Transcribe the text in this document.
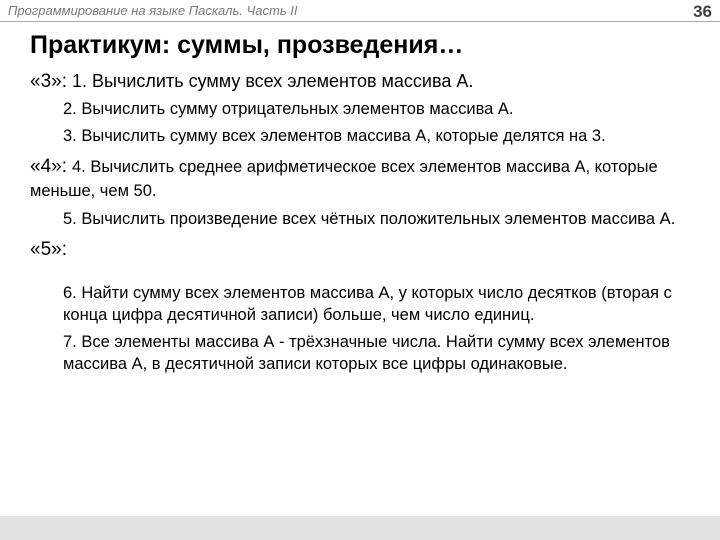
Программирование на языке Паскаль. Часть II	36
Практикум: суммы, прозведения…
«3»: 1. Вычислить сумму всех элементов массива А.
2. Вычислить сумму отрицательных элементов массива А.
3. Вычислить сумму всех элементов массива А, которые делятся на 3.
«4»: 4. Вычислить среднее арифметическое всех элементов массива А, которые меньше, чем 50.
5. Вычислить произведение всех чётных положительных элементов массива А.
«5»:
6. Найти сумму всех элементов массива А, у которых число десятков (вторая с конца цифра десятичной записи) больше, чем число единиц.
7. Все элементы массива А - трёхзначные числа. Найти сумму всех элементов массива А, в десятичной записи которых все цифры одинаковые.
